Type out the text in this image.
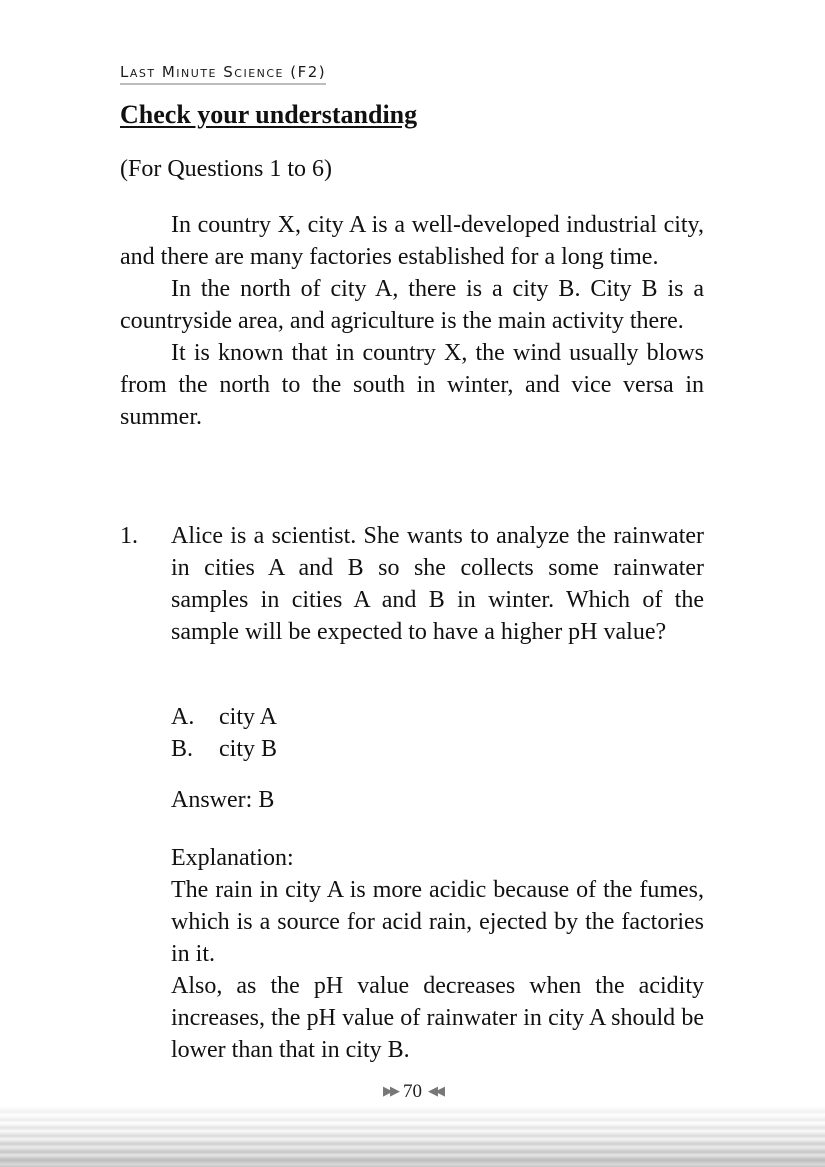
Last Minute Science (F2)
Check your understanding
(For Questions 1 to 6)

In country X, city A is a well-developed industrial city, and there are many factories established for a long time.

In the north of city A, there is a city B. City B is a countryside area, and agriculture is the main activity there.

It is known that in country X, the wind usually blows from the north to the south in winter, and vice versa in summer.

1. Alice is a scientist. She wants to analyze the rainwater in cities A and B so she collects some rainwater samples in cities A and B in winter. Which of the sample will be expected to have a higher pH value?
A. city A
B. city B
Answer: B

Explanation:

The rain in city A is more acidic because of the fumes, which is a source for acid rain, ejected by the factories in it.

Also, as the pH value decreases when the acidity increases, the pH value of rainwater in city A should be lower than that in city B.

▶▶ 70 ◀◀
